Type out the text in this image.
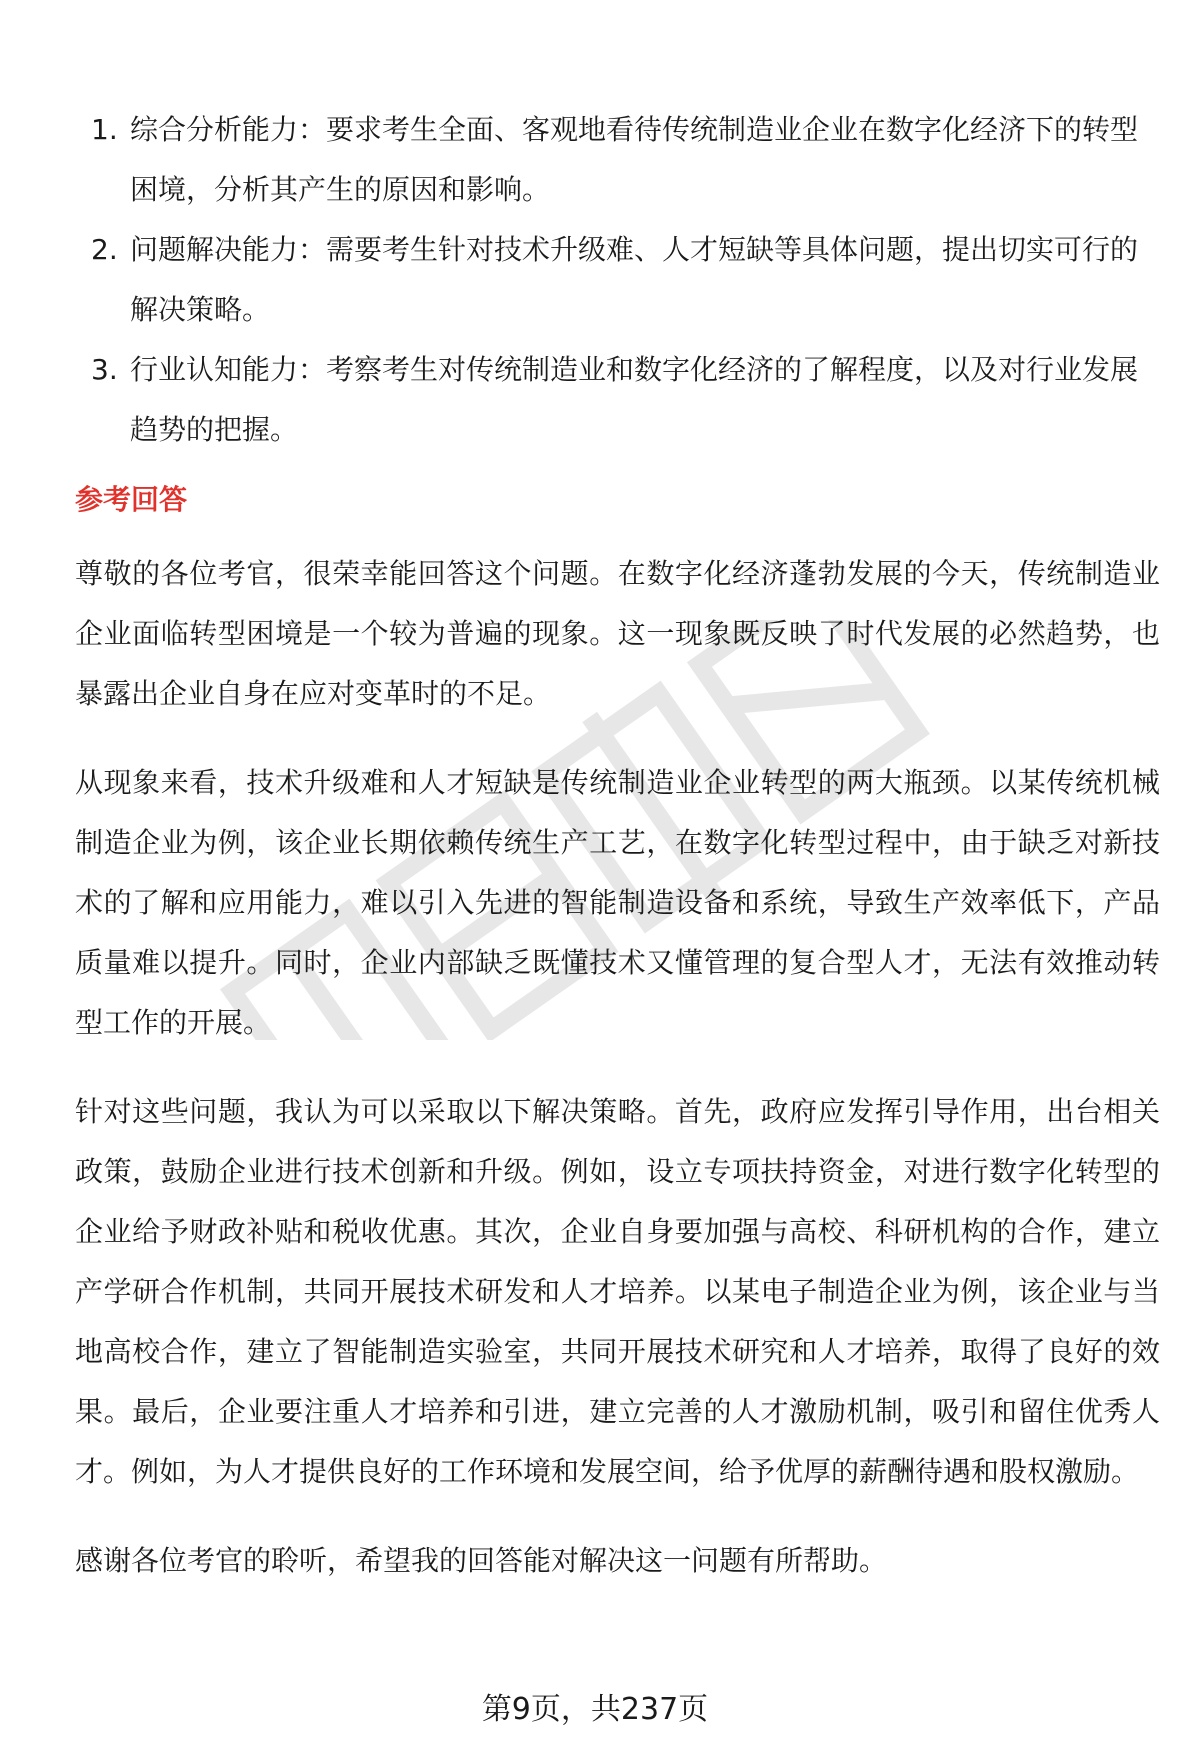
1. 综合分析能力：要求考生全面、客观地看待传统制造业企业在数字化经济下的转型困境，分析其产生的原因和影响。
2. 问题解决能力：需要考生针对技术升级难、人才短缺等具体问题，提出切实可行的解决策略。
3. 行业认知能力：考察考生对传统制造业和数字化经济的了解程度，以及对行业发展趋势的把握。
参考回答

尊敬的各位考官，很荣幸能回答这个问题。在数字化经济蓬勃发展的今天，传统制造业企业面临转型困境是一个较为普遍的现象。这一现象既反映了时代发展的必然趋势，也暴露出企业自身在应对变革时的不足。

从现象来看，技术升级难和人才短缺是传统制造业企业转型的两大瓶颈。以某传统机械制造企业为例，该企业长期依赖传统生产工艺，在数字化转型过程中，由于缺乏对新技术的了解和应用能力，难以引入先进的智能制造设备和系统，导致生产效率低下，产品质量难以提升。同时，企业内部缺乏既懂技术又懂管理的复合型人才，无法有效推动转型工作的开展。

针对这些问题，我认为可以采取以下解决策略。首先，政府应发挥引导作用，出台相关政策，鼓励企业进行技术创新和升级。例如，设立专项扶持资金，对进行数字化转型的企业给予财政补贴和税收优惠。其次，企业自身要加强与高校、科研机构的合作，建立产学研合作机制，共同开展技术研发和人才培养。以某电子制造企业为例，该企业与当地高校合作，建立了智能制造实验室，共同开展技术研究和人才培养，取得了良好的效果。最后，企业要注重人才培养和引进，建立完善的人才激励机制，吸引和留住优秀人才。例如，为人才提供良好的工作环境和发展空间，给予优厚的薪酬待遇和股权激励。

感谢各位考官的聆听，希望我的回答能对解决这一问题有所帮助。

第9页，共237页
